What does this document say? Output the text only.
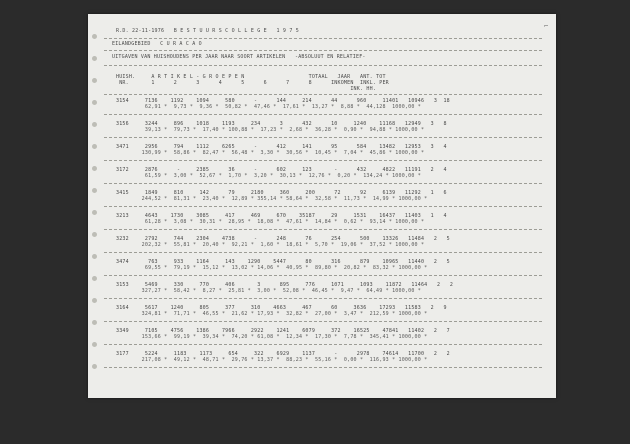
⌐
R.D. 22-11-1976   B E S T U U R S C O L L E G E   1 9 7 5
EILANDGEBIED   C U R A C A O
UITGAVEN VAN HUISHOUDENS PER JAAR NAAR SOORT ARTIKELEN   -ABSOLUUT EN RELATIEF-
HUISH.     A R T I K E L - G R O E P E N                    TOTAAL   JAAR   ANT. TOT
NR.       1      2      3      4      5      6      7      8      INKOMEN  INKL. PER
INK. HH.
3154     7136    1192    1094     580      -      144     214      44      960     11401   10946   3  18
62,91 *  9,73 *  9,36 *  50,82 *  47,46 *  17,61 *  13,27 *  8,88 *  44,128  1000,00 *
3156     3244     896    1018    1193     234      3      432      10     1240    11168   12949   3   8
39,13 *  79,73 *  17,40 * 100,88 *  17,23 *  2,68 *  36,28 *  0,90 *  94,88 * 1000,00 *
3471     2956     794    1112    6265      -      412     141      95      584    13482   12953   3   4
130,99 *  58,86 *  82,47 *  56,48 *  3,30 *  30,56 *  10,45 *  7,04 *  45,86 * 1000,00 *
3172     2876      -     2385      36      -      602     123       -      432     4822   11191   2   4
61,59 *  3,00 *  52,67 *  1,70 *  3,20 *  30,13 *  12,76 *  0,20 *  134,24 * 1000,00 *
3415     1849     810     142      79     2180     360     200      72      92     6139   11292   1   6
244,52 *  81,31 *  23,40 *  12,89 * 355,14 * 58,64 *  32,58 *  11,73 *  14,99 * 1000,00 *
3213     4643    1730    3085     417     469     670    35187     29     1531    16437   11403   1   4
61,28 *  3,08 *  30,31 *  28,95 *  18,08 *  47,61 *  14,84 *  0,62 *  93,14 * 1000,00 *
3232     2792     744    2304    4738      -      248      76      254      500    13326   11484   2   5
202,32 *  55,81 *  20,40 *  92,21 *  1,60 *  18,61 *  5,70 *  19,06 *  37,52 * 1000,00 *
3474      763     933    1164     143    1290    5447      80      316      879    10965   11440   2   5
69,55 *  79,19 *  15,12 *  13,02 * 14,06 *  40,95 *  89,80 *  20,82 *  83,32 * 1000,00 *
3153     5469     330     770     406       3      895     776     1071     1093    11872   11464   2   2
327,27 *  58,42 *  8,27 *  25,81 *  3,00 *  52,08 *  46,45 *  9,47 *  64,49 * 1000,00 *
3164     5617    1240     805     377     310    4663     467      60     3636    17293   11583   2   9
324,81 *  71,71 *  46,55 *  21,62 * 17,93 *  32,82 *  27,00 *  3,47 *  212,59 * 1000,00 *
3349     7105    4756    1386    7966     2922    1241    6079     372    16525    47841   11402   2   7
153,66 *  99,19 *  39,34 *  74,20 * 61,08 *  12,34 *  17,30 *  7,78 *  345,41 * 1000,00 *
3177     5224     1183    1173     654     322    6929    1137      -      2978    74614   11700   2   2
217,08 *  49,12 *  48,71 *  29,76 * 13,37 *  88,23 *  55,16 *  0,00 *  116,93 * 1000,00 *
